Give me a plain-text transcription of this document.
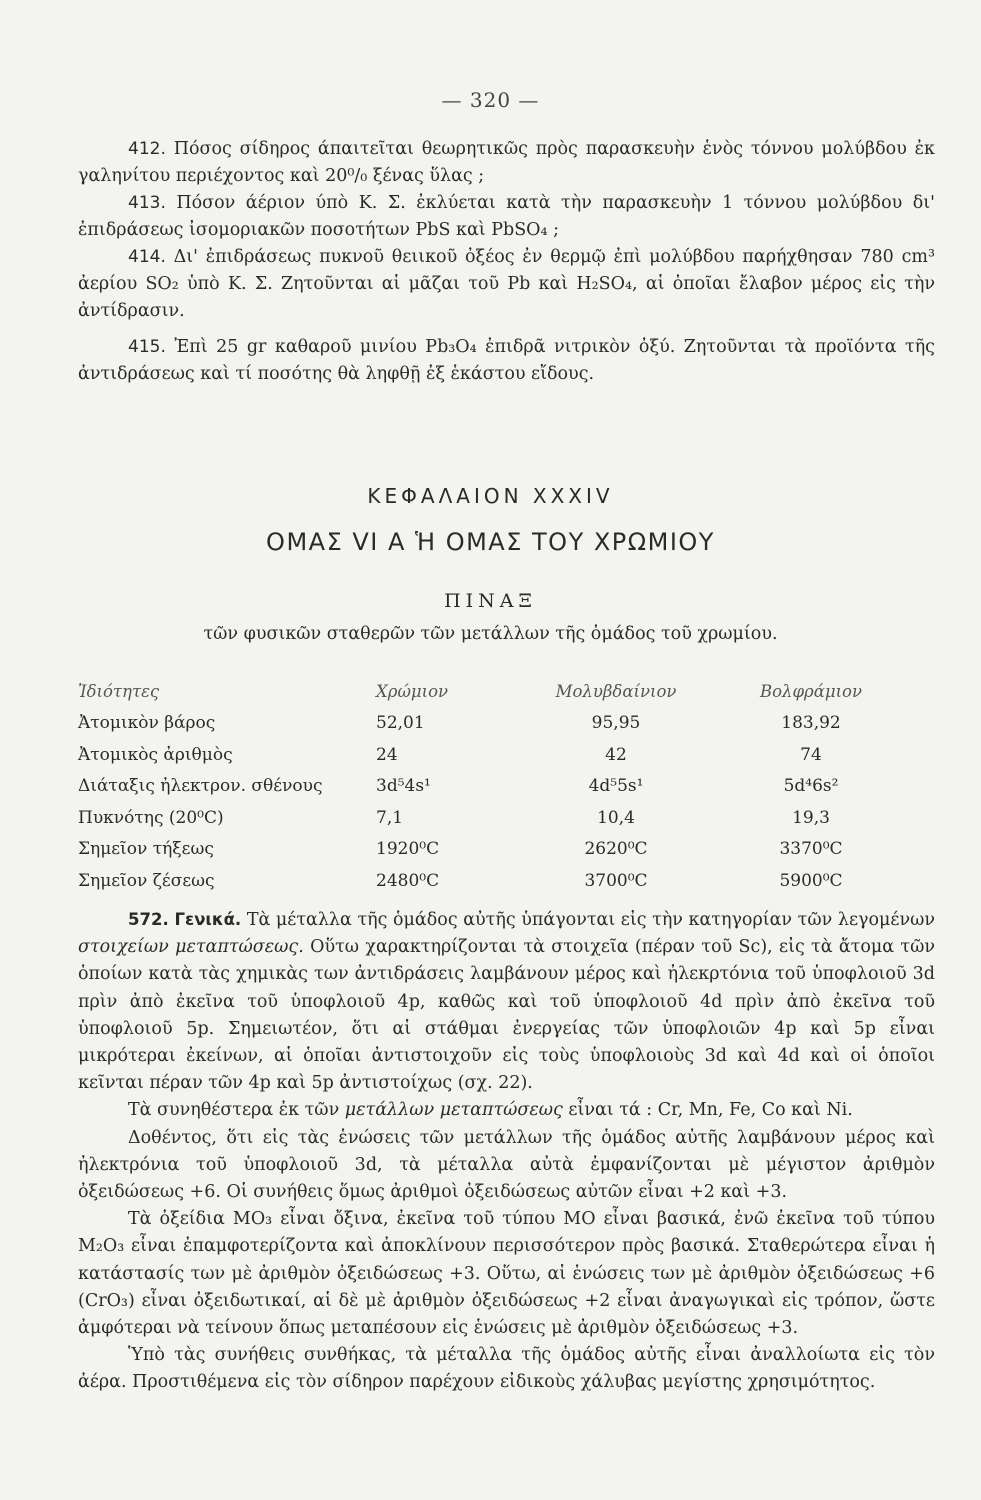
— 320 —

412. Πόσος σίδηρος άπαιτεῖται θεωρητικῶς πρὸς παρασκευὴν ἑνὸς τόννου μολύβδου ἐκ γαληνίτου περιέχοντος καὶ 20⁰/₀ ξένας ὕλας ;

413. Πόσον άέριον ύπὸ Κ. Σ. ἐκλύεται κατὰ τὴν παρασκευὴν 1 τόννου μολύβδου δι' ἐπιδράσεως ἰσομοριακῶν ποσοτήτων PbS καὶ PbSO₄ ;

414. Δι' ἐπιδράσεως πυκνοῦ θειικοῦ ὀξέος ἐν θερμῷ ἐπὶ μολύβδου παρήχθησαν 780 cm³ ἀερίου SO₂ ὑπὸ Κ. Σ. Ζητοῦνται αἱ μᾶζαι τοῦ Pb καὶ H₂SO₄, αἱ ὁποῖαι ἔλαβον μέρος εἰς τὴν ἀντίδρασιν.

415. Ἐπὶ 25 gr καθαροῦ μινίου Pb₃O₄ ἐπιδρᾶ νιτρικὸν ὀξύ. Ζητοῦνται τὰ προϊόντα τῆς ἀντιδράσεως καὶ τί ποσότης θὰ ληφθῇ ἐξ ἑκάστου εἴδους.

ΚΕΦΑΛΑΙΟΝ XXXIV
ΟΜΑΣ VI Α Ἡ ΟΜΑΣ ΤΟΥ ΧΡΩΜΙΟΥ
ΠΙΝΑΞ
τῶν φυσικῶν σταθερῶν τῶν μετάλλων τῆς ὁμάδος τοῦ χρωμίου.
Ἰδιότητες	Χρώμιον	Μολυβδαίνιον	Βολφράμιον
Ἀτομικὸν βάρος	52,01	95,95	183,92
Ἀτομικὸς ἀριθμὸς	24	42	74
Διάταξις ἠλεκτρον. σθένους	3d⁵4s¹	4d⁵5s¹	5d⁴6s²
Πυκνότης (20⁰C)	7,1	10,4	19,3
Σημεῖον τήξεως	1920⁰C	2620⁰C	3370⁰C
Σημεῖον ζέσεως	2480⁰C	3700⁰C	5900⁰C

572. Γενικά. Τὰ μέταλλα τῆς ὁμάδος αὐτῆς ὑπάγονται εἰς τὴν κατηγορίαν τῶν λεγομένων στοιχείων μεταπτώσεως. Οὕτω χαρακτηρίζονται τὰ στοιχεῖα (πέραν τοῦ Sc), εἰς τὰ ἄτομα τῶν ὁποίων κατὰ τὰς χημικὰς των ἀντιδράσεις λαμβάνουν μέρος καὶ ἠλεκρτόνια τοῦ ὑποφλοιοῦ 3d πρὶν ἀπὸ ἐκεῖνα τοῦ ὑποφλοιοῦ 4p, καθῶς καὶ τοῦ ὑποφλοιοῦ 4d πρὶν ἀπὸ ἐκεῖνα τοῦ ὑποφλοιοῦ 5p. Σημειωτέον, ὅτι αἱ στάθμαι ἐνεργείας τῶν ὑποφλοιῶν 4p καὶ 5p εἶναι μικρότεραι ἐκείνων, αἱ ὁποῖαι ἀντιστοιχοῦν εἰς τοὺς ὑποφλοιοὺς 3d καὶ 4d καὶ οἱ ὁποῖοι κεῖνται πέραν τῶν 4p καὶ 5p ἀντιστοίχως (σχ. 22).

Τὰ συνηθέστερα ἐκ τῶν μετάλλων μεταπτώσεως εἶναι τά : Cr, Mn, Fe, Co καὶ Ni.

Δοθέντος, ὅτι εἰς τὰς ἑνώσεις τῶν μετάλλων τῆς ὁμάδος αὐτῆς λαμβάνουν μέρος καὶ ἠλεκτρόνια τοῦ ὑποφλοιοῦ 3d, τὰ μέταλλα αὐτὰ ἐμφανίζονται μὲ μέγιστον ἀριθμὸν ὀξειδώσεως +6. Οἱ συνήθεις ὅμως ἀριθμοὶ ὀξειδώσεως αὐτῶν εἶναι +2 καὶ +3.

Τὰ ὀξείδια MO₃ εἶναι ὄξινα, ἐκεῖνα τοῦ τύπου MO εἶναι βασικά, ἐνῶ ἐκεῖνα τοῦ τύπου M₂O₃ εἶναι ἐπαμφοτερίζοντα καὶ ἀποκλίνουν περισσότερον πρὸς βασικά. Σταθερώτερα εἶναι ἡ κατάστασίς των μὲ ἀριθμὸν ὀξειδώσεως +3. Οὕτω, αἱ ἑνώσεις των μὲ ἀριθμὸν ὀξειδώσεως +6 (CrO₃) εἶναι ὀξειδωτικαί, αἱ δὲ μὲ ἀριθμὸν ὀξειδώσεως +2 εἶναι ἀναγωγικαὶ εἰς τρόπον, ὥστε ἀμφότεραι νὰ τείνουν ὅπως μεταπέσουν εἰς ἑνώσεις μὲ ἀριθμὸν ὀξειδώσεως +3.

Ὑπὸ τὰς συνήθεις συνθήκας, τὰ μέταλλα τῆς ὁμάδος αὐτῆς εἶναι ἀναλλοίωτα εἰς τὸν ἀέρα. Προστιθέμενα εἰς τὸν σίδηρον παρέχουν εἰδικοὺς χάλυβας μεγίστης χρησιμότητος.
